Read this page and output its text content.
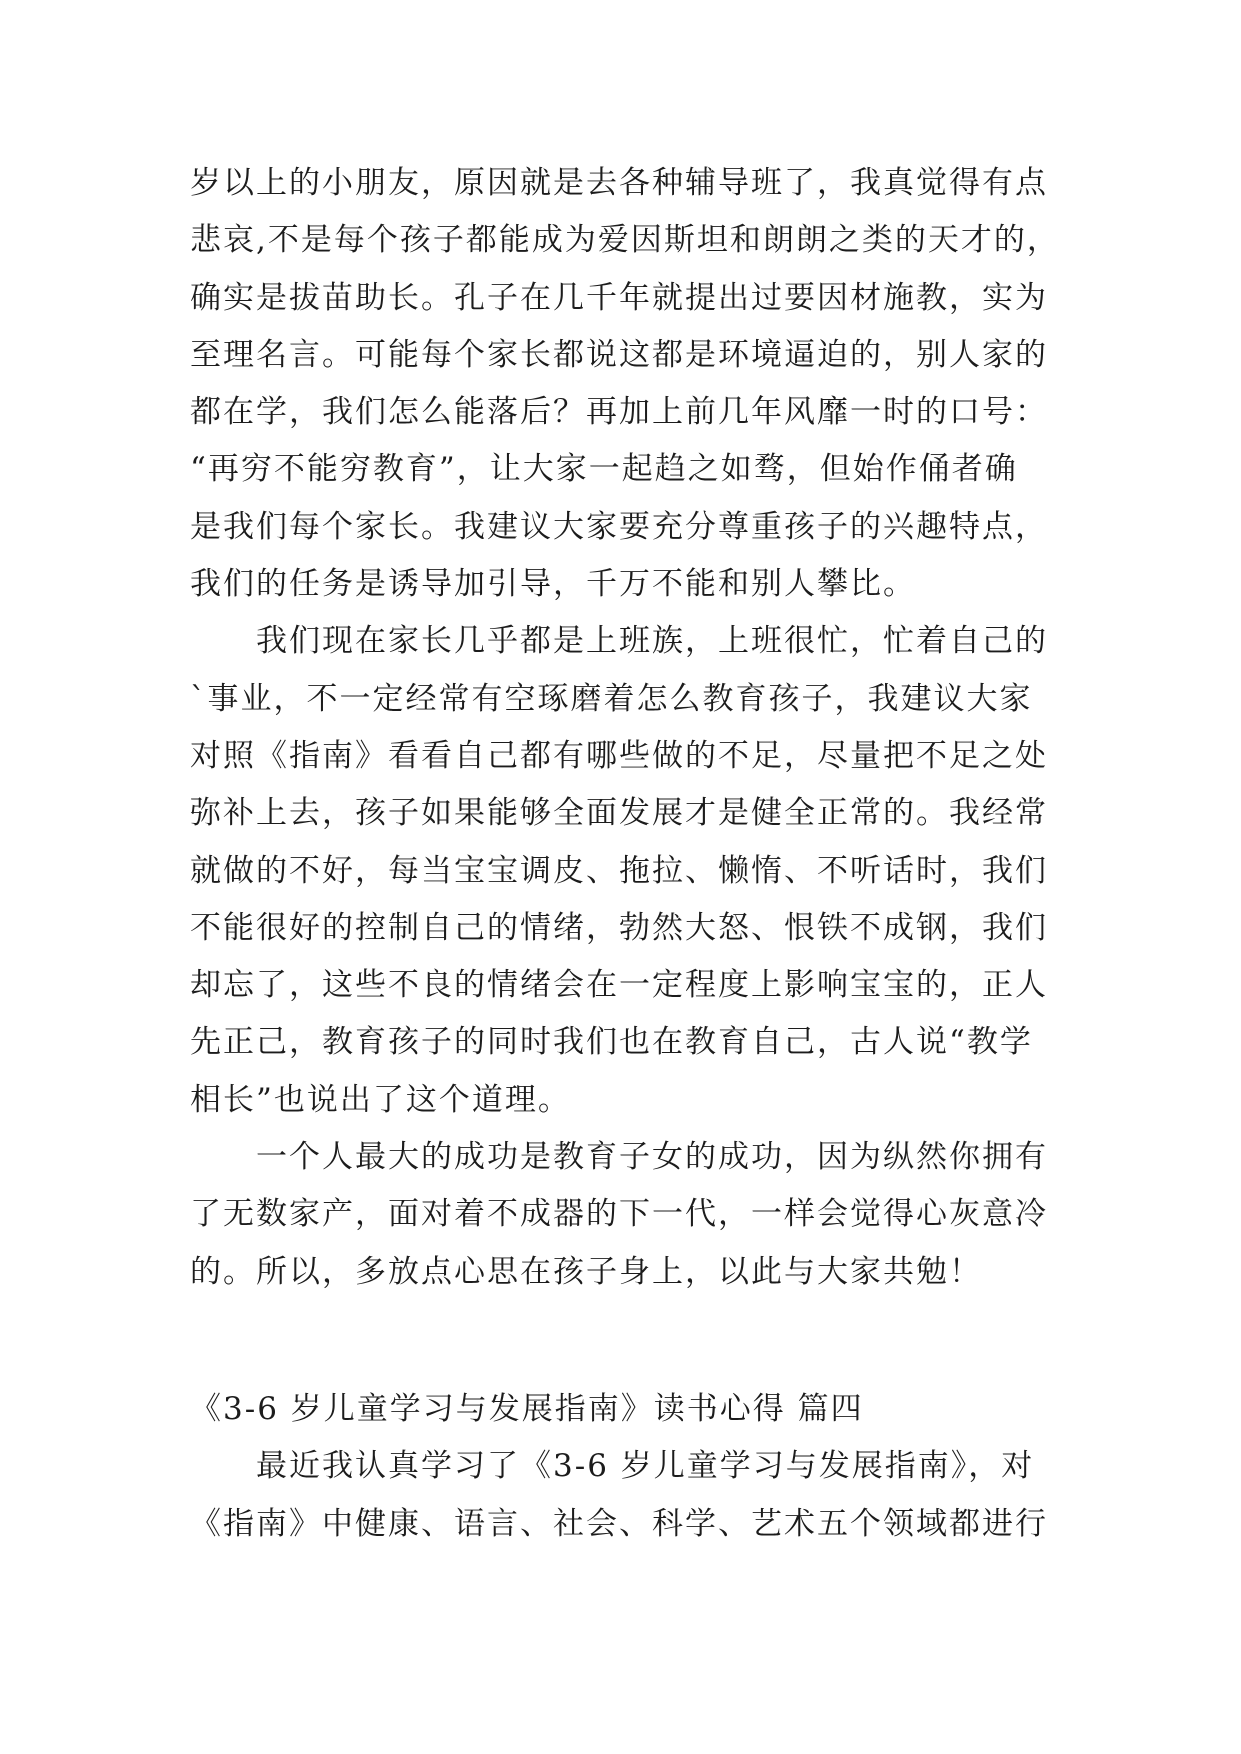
岁以上的小朋友，原因就是去各种辅导班了，我真觉得有点
悲哀,不是每个孩子都能成为爱因斯坦和朗朗之类的天才的，
确实是拔苗助长。孔子在几千年就提出过要因材施教，实为
至理名言。可能每个家长都说这都是环境逼迫的，别人家的
都在学，我们怎么能落后？再加上前几年风靡一时的口号：
“再穷不能穷教育”，让大家一起趋之如骛，但始作俑者确
是我们每个家长。我建议大家要充分尊重孩子的兴趣特点，
我们的任务是诱导加引导，千万不能和别人攀比。
　　我们现在家长几乎都是上班族，上班很忙，忙着自己的
`事业，不一定经常有空琢磨着怎么教育孩子，我建议大家
对照《指南》看看自己都有哪些做的不足，尽量把不足之处
弥补上去，孩子如果能够全面发展才是健全正常的。我经常
就做的不好，每当宝宝调皮、拖拉、懒惰、不听话时，我们
不能很好的控制自己的情绪，勃然大怒、恨铁不成钢，我们
却忘了，这些不良的情绪会在一定程度上影响宝宝的，正人
先正己，教育孩子的同时我们也在教育自己，古人说“教学
相长”也说出了这个道理。
　　一个人最大的成功是教育子女的成功，因为纵然你拥有
了无数家产，面对着不成器的下一代，一样会觉得心灰意冷
的。所以，多放点心思在孩子身上，以此与大家共勉！
《3-6 岁儿童学习与发展指南》读书心得 篇四
　　最近我认真学习了《3-6 岁儿童学习与发展指南》，对
《指南》中健康、语言、社会、科学、艺术五个领域都进行
